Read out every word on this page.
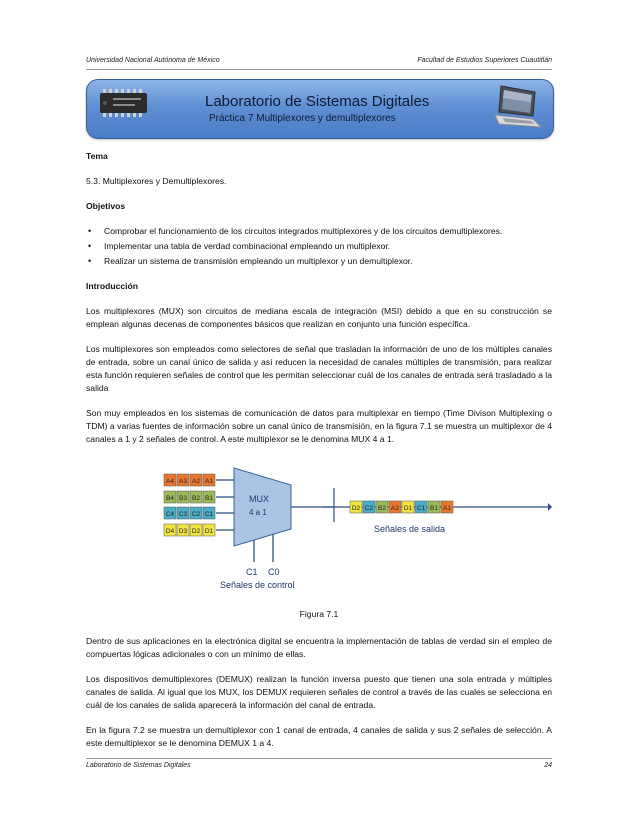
Universidad Nacional Autónoma de México	Facultad de Estudios Superiores Cuautitlán
Laboratorio de Sistemas Digitales
Práctica 7 Multiplexores y demultiplexores
Tema

5.3. Multiplexores y Demultiplexores.

Objetivos
• Comprobar el funcionamiento de los circuitos integrados multiplexores y de los circuitos demultiplexores.
• Implementar una tabla de verdad combinacional empleando un multiplexor.
• Realizar un sistema de transmisión empleando un multiplexor y un demultiplexor.
Introducción

Los multiplexores (MUX) son circuitos de mediana escala de integración (MSI) debido a que en su construcción se emplean algunas decenas de componentes básicos que realizan en conjunto una función específica.

Los multiplexores son empleados como selectores de señal que trasladan la información de uno de los múltiples canales de entrada, sobre un canal único de salida y así reducen la necesidad de canales múltiples de transmisión, para realizar esta función requieren señales de control que les permitan seleccionar cuál de los canales de entrada será trasladado a la salida

Son muy empleados en los sistemas de comunicación de datos para multiplexar en tiempo (Time Divison Multiplexing o TDM) a varias fuentes de información sobre un canal único de transmisión, en la figura 7.1 se muestra un multiplexor de 4 canales a 1 y 2 señales de control. A este multiplexor se le denomina MUX 4 a 1.

A4 A3 A2 A1
B4 B3 B2 B1
C4 C3 C2 C1
D4 D3 D2 D1
MUX
4 a 1
C1 C0
Señales de control
D2 C2 B2 A2 D1 C1 B1 A1
Señales de salida
Figura 7.1

Dentro de sus aplicaciones en la electrónica digital se encuentra la implementación de tablas de verdad sin el empleo de compuertas lógicas adicionales o con un mínimo de ellas.

Los dispositivos demultiplexores (DEMUX) realizan la función inversa puesto que tienen una sola entrada y múltiples canales de salida. Al igual que los MUX, los DEMUX requieren señales de control a través de las cuales se selecciona en cuál de los canales de salida aparecerá la información del canal de entrada.

En la figura 7.2 se muestra un demultiplexor con 1 canal de entrada, 4 canales de salida y sus 2 señales de selección. A este demultiplexor se le denomina DEMUX 1 a 4.

Laboratorio de Sistemas Digitales	24
